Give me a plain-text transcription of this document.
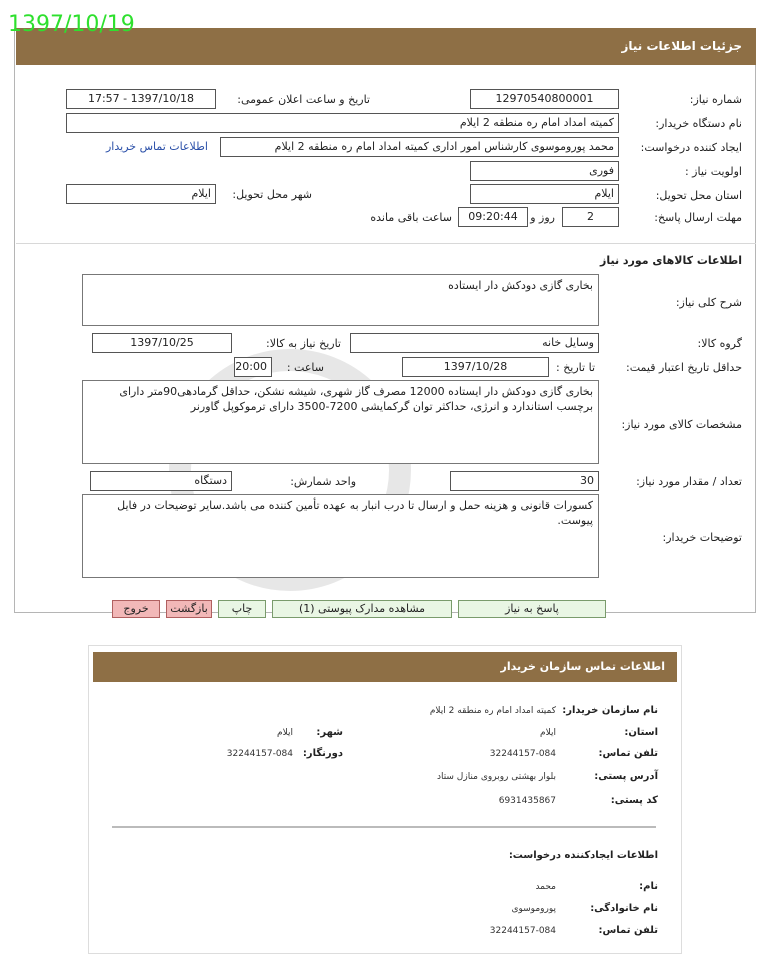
جزئیات اطلاعات نیاز
1397/10/19
شماره نیاز:
12970540800001
تاریخ و ساعت اعلان عمومی:
1397/10/18 - 17:57
نام دستگاه خریدار:
کمیته امداد امام ره منطقه 2 ایلام
ایجاد کننده درخواست:
محمد پوروموسوی کارشناس امور اداری کمیته امداد امام ره منطقه 2 ایلام
اطلاعات تماس خریدار
اولویت نیاز :
فوری
استان محل تحویل:
ایلام
شهر محل تحویل:
ایلام
مهلت ارسال پاسخ:
2
روز و
09:20:44
ساعت باقی مانده
اطلاعات کالاهای مورد نیاز
شرح کلی نیاز:
بخاری گازی دودکش دار ایستاده
گروه کالا:
وسایل خانه
تاریخ نیاز به کالا:
1397/10/25
حداقل تاریخ اعتبار قیمت:
تا تاریخ :
1397/10/28
ساعت :
20:00
مشخصات کالای مورد نیاز:
بخاری گازی دودکش دار ایستاده 12000 مصرف گاز شهری، شیشه نشکن، حداقل گرمادهی90متر دارای برچسب استاندارد و انرژی، حداکثر توان گرکمایشی 7200-3500 دارای ترموکوپل گاورنر
تعداد / مقدار مورد نیاز:
30
واحد شمارش:
دستگاه
توضیحات خریدار:
کسورات قانونی و هزینه حمل و ارسال تا درب انبار به عهده تأمین کننده می باشد.سایر توضیحات در فایل پیوست.
پاسخ به نیاز
مشاهده مدارک پیوستی (1)
چاپ
بازگشت
خروج
اطلاعات تماس سازمان خریدار
نام سازمان خریدار:
کمیته امداد امام ره منطقه 2 ایلام
استان:
ایلام
شهر:
ایلام
تلفن تماس:
32244157-084
دورنگار:
32244157-084
آدرس پستی:
بلوار بهشتی روبروی منازل ستاد
کد پستی:
6931435867
اطلاعات ایجادکننده درخواست:
نام:
محمد
نام خانوادگی:
پوروموسوی
تلفن تماس:
32244157-084
